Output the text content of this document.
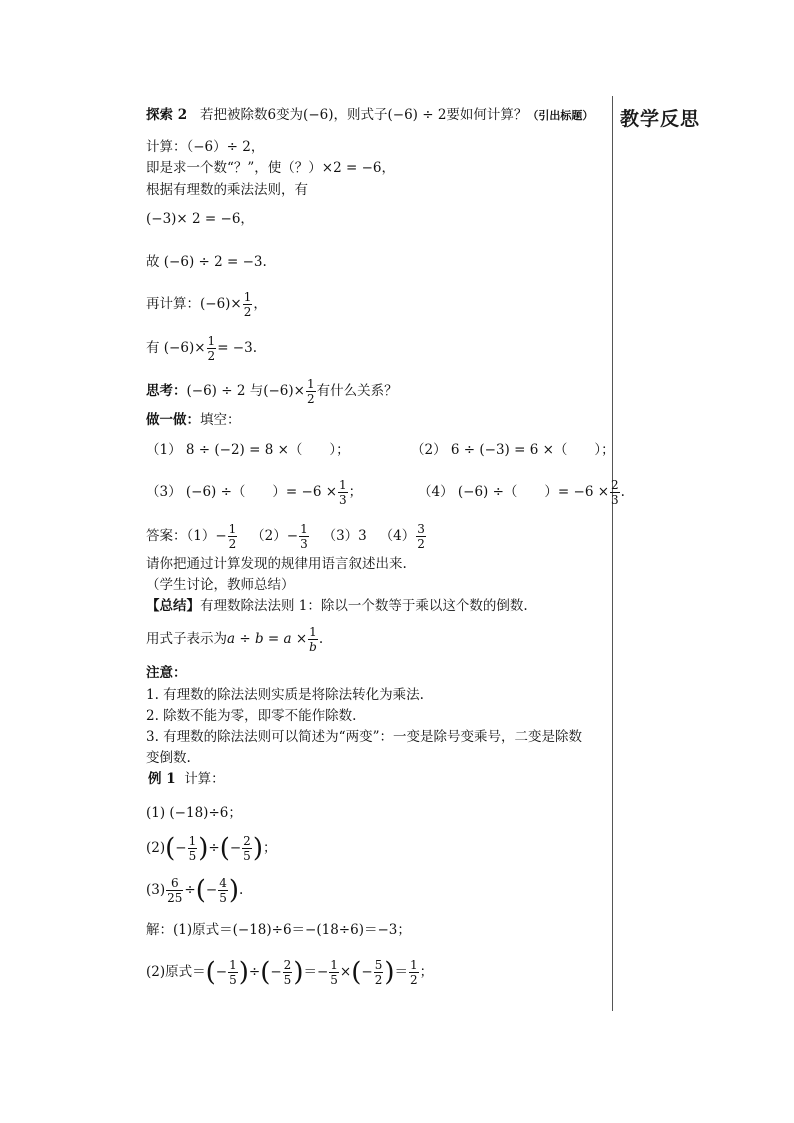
教学反思
探索 2 若把被除数6变为(−6)，则式子(−6) ÷ 2要如何计算？（引出标题）
计算：（−6）÷ 2，
即是求一个数“？”，使（？）×2 = −6，
根据有理数的乘法法则，有
(−3)× 2 = −6，
故 (−6) ÷ 2 = −3.
再计算：$(-6)\times \frac{1}{2}$ ，
有 $(-6)\times \frac{1}{2} = -3$.
思考：(−6) ÷ 2 与$(-6)\times \frac{1}{2}$ 有什么关系？
做一做：填空：
（1） 8 ÷ (−2) = 8 ×（　　）；	（2） 6 ÷ (−3) = 6 ×（　　）；
（3） (−6) ÷（　　）= $-6 \times \frac{1}{3}$ ；	（4） (−6) ÷（　　）= $-6 \times \frac{2}{3}$ .
答案：$(1)- \frac{1}{2} (2)- \frac{1}{3} (3)3$ $(4) \frac{3}{2}$
请你把通过计算发现的规律用语言叙述出来.
（学生讨论，教师总结）
【总结】有理数除法法则 1：除以一个数等于乘以这个数的倒数.
用式子表示为$a \div b = a \times \frac{1}{b}$ .
注意：
1. 有理数的除法法则实质是将除法转化为乘法.
2. 除数不能为零，即零不能作除数.
3. 有理数的除法法则可以简述为“两变”：一变是除号变乘号，二变是除数
变倒数.
例 1 计算：
(1) (−18)÷6；
$(2)(- \frac{1}{5}$ )÷(− $\frac{2}{5}$ )；
$(3) \frac{6}{25}$ ÷(− $\frac{4}{5}$ ).
解：(1)原式＝(−18)÷6＝−(18÷6)＝−3；
(2)原式＝(− $\frac{1}{5}$ )÷(− $\frac{2}{5}$ )＝− $\frac{1}{5}$ ×(− $\frac{5}{2}$ )＝ $\frac{1}{2}$ ；
